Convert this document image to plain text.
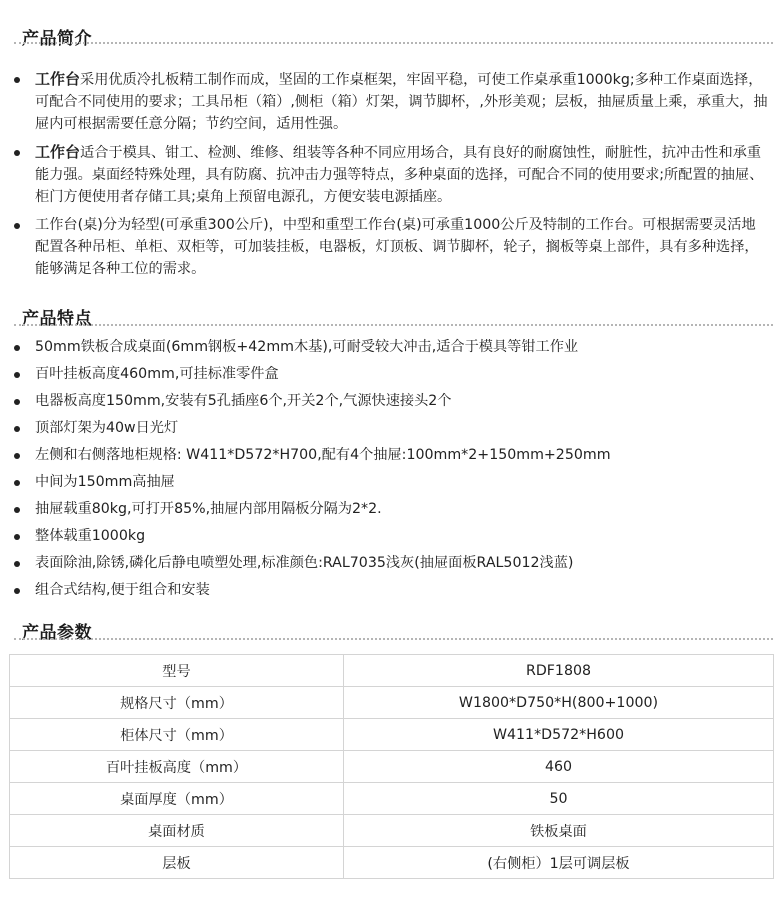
产品简介
工作台采用优质冷扎板精工制作而成，坚固的工作桌框架，牢固平稳，可使工作桌承重1000kg;多种工作桌面选择，可配合不同使用的要求；工具吊柜（箱）,侧柜（箱）灯架，调节脚杯，,外形美观；层板，抽屉质量上乘，承重大，抽屉内可根据需要任意分隔；节约空间，适用性强。
工作台适合于模具、钳工、检测、维修、组装等各种不同应用场合，具有良好的耐腐蚀性，耐脏性，抗冲击性和承重能力强。桌面经特殊处理，具有防腐、抗冲击力强等特点，多种桌面的选择，可配合不同的使用要求;所配置的抽屉、柜门方便使用者存储工具;桌角上预留电源孔，方便安装电源插座。
工作台(桌)分为轻型(可承重300公斤)，中型和重型工作台(桌)可承重1000公斤及特制的工作台。可根据需要灵活地配置各种吊柜、单柜、双柜等，可加装挂板，电器板，灯顶板、调节脚杯，轮子，搁板等桌上部件，具有多种选择，能够满足各种工位的需求。
产品特点
50mm铁板合成桌面(6mm钢板+42mm木基),可耐受较大冲击,适合于模具等钳工作业
百叶挂板高度460mm,可挂标准零件盒
电器板高度150mm,安装有5孔插座6个,开关2个,气源快速接头2个
顶部灯架为40w日光灯
左侧和右侧落地柜规格: W411*D572*H700,配有4个抽屉:100mm*2+150mm+250mm
中间为150mm高抽屉
抽屉载重80kg,可打开85%,抽屉内部用隔板分隔为2*2.
整体载重1000kg
表面除油,除锈,磷化后静电喷塑处理,标准颜色:RAL7035浅灰(抽屉面板RAL5012浅蓝)
组合式结构,便于组合和安装
产品参数
型号	RDF1808
规格尺寸（mm）	W1800*D750*H(800+1000)
柜体尺寸（mm）	W411*D572*H600
百叶挂板高度（mm）	460
桌面厚度（mm）	50
桌面材质	铁板桌面
层板	(右侧柜）1层可调层板
